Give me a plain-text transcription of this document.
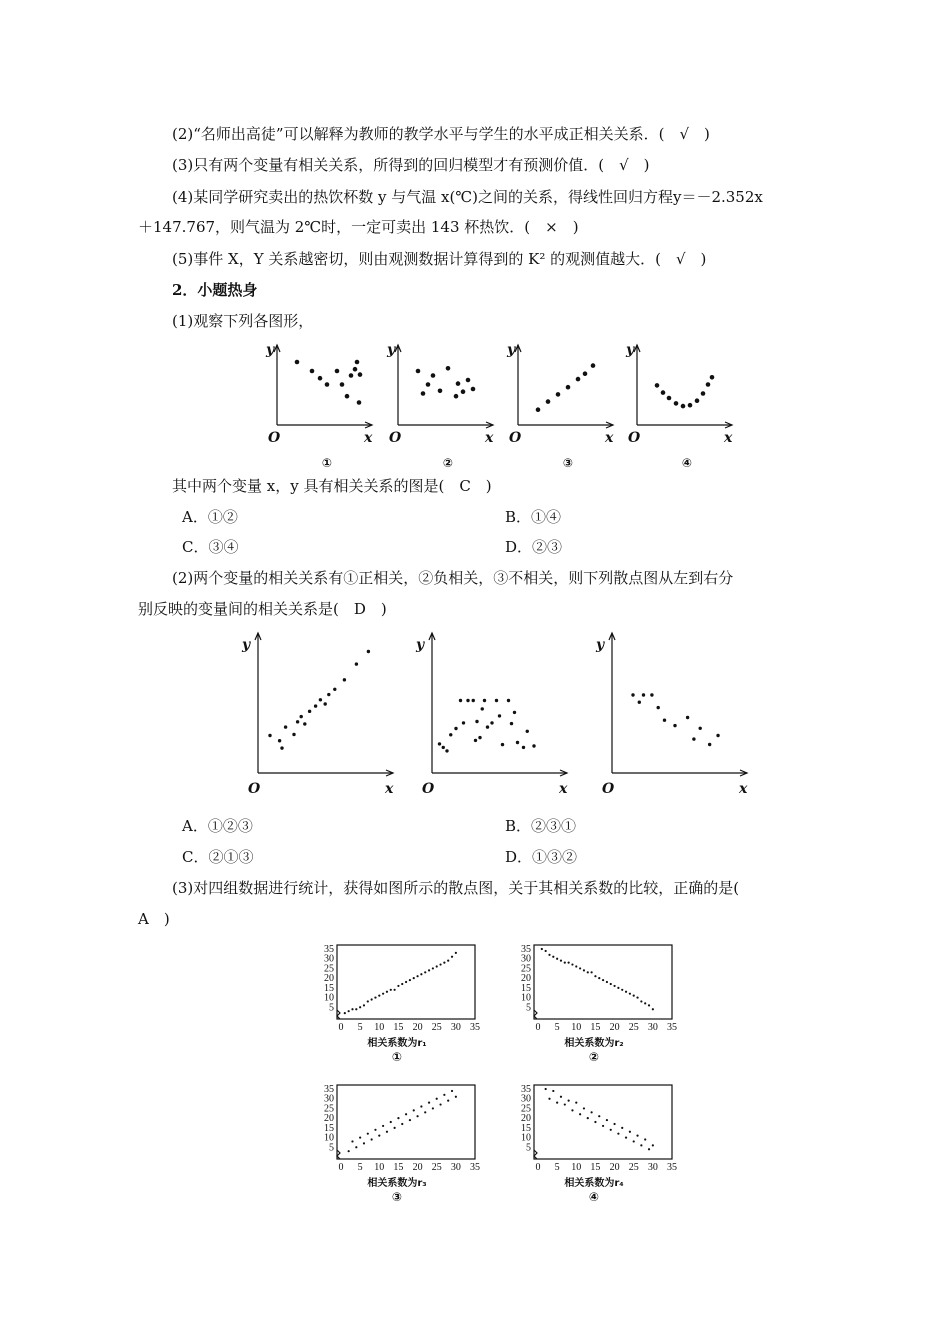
(2)“名师出高徒”可以解释为教师的教学水平与学生的水平成正相关关系．(　√　)
(3)只有两个变量有相关关系，所得到的回归模型才有预测价值．(　√　)
(4)某同学研究卖出的热饮杯数 y 与气温 x(℃)之间的关系，得线性回归方程y＝－2.352x
＋147.767，则气温为 2℃时，一定可卖出 143 杯热饮．(　×　)
(5)事件 X，Y 关系越密切，则由观测数据计算得到的 K² 的观测值越大．(　√　)
2．小题热身
(1)观察下列各图形，
y
O	x
①
y
O	x
②
y
O	x
③
y
O	x
④
其中两个变量 x，y 具有相关关系的图是(　C　)
A．①②	B．①④
C．③④	D．②③
(2)两个变量的相关关系有①正相关，②负相关，③不相关，则下列散点图从左到右分
别反映的变量间的相关关系是(　D　)
y
O	x
y
O	x
y
O	x
A．①②③	B．②③①
C．②①③	D．①③②
(3)对四组数据进行统计，获得如图所示的散点图，关于其相关系数的比较，正确的是(
A　)
0
5
5
10
10
15
15
20
20
25
25
30
30
35
35
相关系数为r₁
①
0
5
5
10
10
15
15
20
20
25
25
30
30
35
35
相关系数为r₂
②
0
5
5
10
10
15
15
20
20
25
25
30
30
35
35
相关系数为r₃
③
0
5
5
10
10
15
15
20
20
25
25
30
30
35
35
相关系数为r₄
④
